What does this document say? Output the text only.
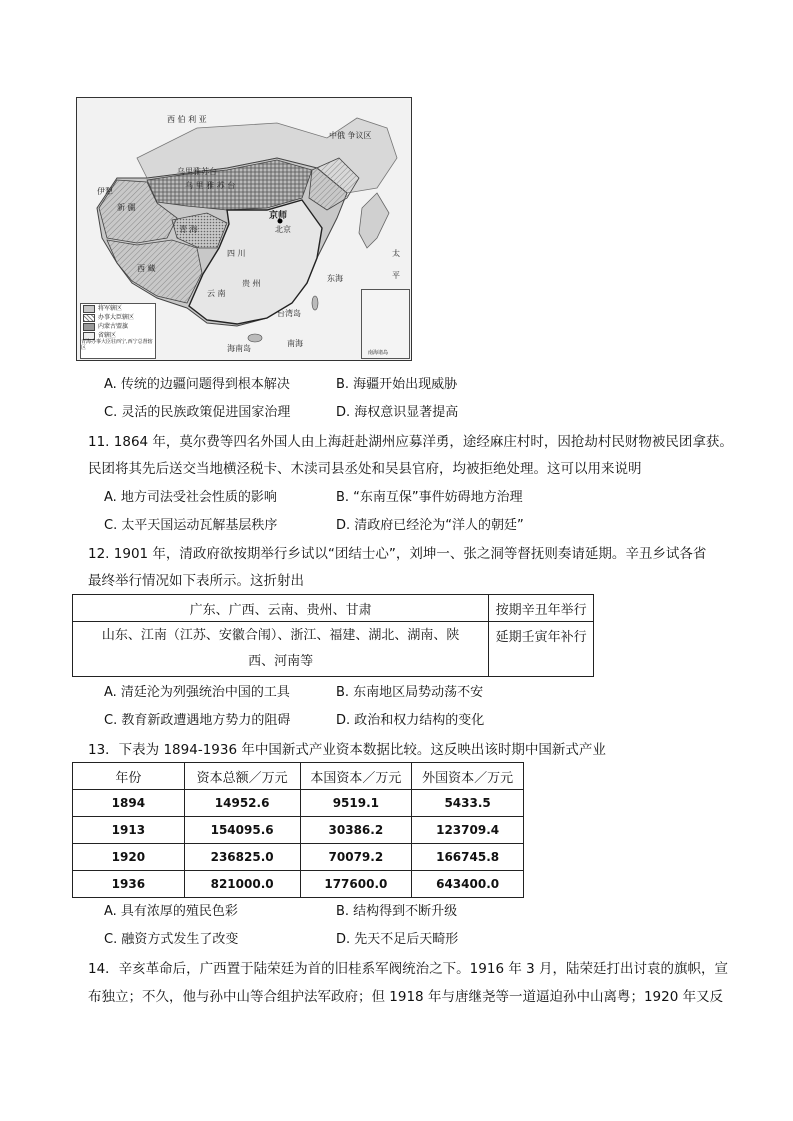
西 伯 利 亚
中俄 争议区
乌里雅苏台
乌 里 雅 苏 台
伊犁
新 疆
青 海
西 藏
京师
北京
四 川
云 南
贵 州
东海
台湾岛
海南岛
南海
太
平
将军辖区
办事大臣辖区
内蒙古盟旗
省辖区
青海办事大臣驻西宁,西宁总督辖区
南海诸岛
A. 传统的边疆问题得到根本解决	B. 海疆开始出现威胁
C. 灵活的民族政策促进国家治理	D. 海权意识显著提高
11. 1864 年，莫尔费等四名外国人由上海赶赴湖州应募洋勇，途经麻庄村时，因抢劫村民财物被民团拿获。
民团将其先后送交当地横泾税卡、木渎司县丞处和吴县官府，均被拒绝处理。这可以用来说明
A. 地方司法受社会性质的影响	B. “东南互保”事件妨碍地方治理
C. 太平天国运动瓦解基层秩序	D. 清政府已经沦为“洋人的朝廷”
12. 1901 年，清政府欲按期举行乡试以“团结士心”，刘坤一、张之洞等督抚则奏请延期。辛丑乡试各省
最终举行情况如下表所示。这折射出
广东、广西、云南、贵州、甘肃	按期辛丑年举行

山东、江南（江苏、安徽合闱）、浙江、福建、湖北、湖南、陕
西、河南等	延期壬寅年补行
A. 清廷沦为列强统治中国的工具	B. 东南地区局势动荡不安
C. 教育新政遭遇地方势力的阻碍	D. 政治和权力结构的变化
13．下表为 1894-1936 年中国新式产业资本数据比较。这反映出该时期中国新式产业
年份	资本总额／万元	本国资本／万元	外国资本／万元
1894	14952.6	9519.1	5433.5
1913	154095.6	30386.2	123709.4
1920	236825.0	70079.2	166745.8
1936	821000.0	177600.0	643400.0
A. 具有浓厚的殖民色彩	B. 结构得到不断升级
C. 融资方式发生了改变	D. 先天不足后天畸形
14．辛亥革命后，广西置于陆荣廷为首的旧桂系军阀统治之下。1916 年 3 月，陆荣廷打出讨袁的旗帜，宣
布独立；不久，他与孙中山等合组护法军政府；但 1918 年与唐继尧等一道逼迫孙中山离粤；1920 年又反
